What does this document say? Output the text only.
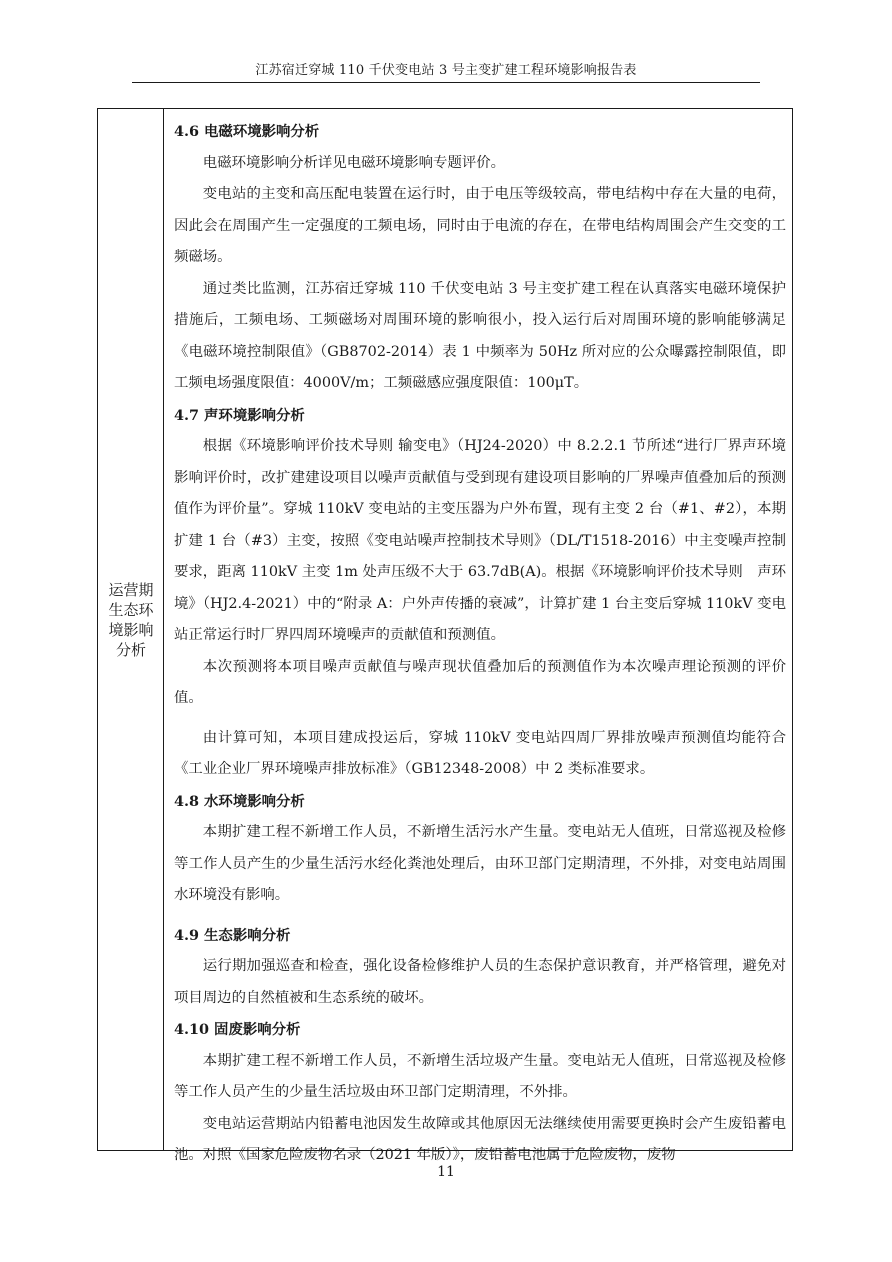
江苏宿迁穿城 110 千伏变电站 3 号主变扩建工程环境影响报告表
运营期
生态环
境影响
分析
4.6 电磁环境影响分析

电磁环境影响分析详见电磁环境影响专题评价。

变电站的主变和高压配电装置在运行时，由于电压等级较高，带电结构中存在大量的电荷，因此会在周围产生一定强度的工频电场，同时由于电流的存在，在带电结构周围会产生交变的工频磁场。

通过类比监测，江苏宿迁穿城 110 千伏变电站 3 号主变扩建工程在认真落实电磁环境保护措施后，工频电场、工频磁场对周围环境的影响很小，投入运行后对周围环境的影响能够满足《电磁环境控制限值》（GB8702-2014）表 1 中频率为 50Hz 所对应的公众曝露控制限值，即工频电场强度限值：4000V/m；工频磁感应强度限值：100μT。

4.7 声环境影响分析

根据《环境影响评价技术导则 输变电》（HJ24-2020）中 8.2.2.1 节所述“进行厂界声环境影响评价时，改扩建建设项目以噪声贡献值与受到现有建设项目影响的厂界噪声值叠加后的预测值作为评价量”。穿城 110kV 变电站的主变压器为户外布置，现有主变 2 台（#1、#2），本期扩建 1 台（#3）主变，按照《变电站噪声控制技术导则》（DL/T1518-2016）中主变噪声控制要求，距离 110kV 主变 1m 处声压级不大于 63.7dB(A)。根据《环境影响评价技术导则　声环境》（HJ2.4-2021）中的“附录 A：户外声传播的衰减”，计算扩建 1 台主变后穿城 110kV 变电站正常运行时厂界四周环境噪声的贡献值和预测值。

本次预测将本项目噪声贡献值与噪声现状值叠加后的预测值作为本次噪声理论预测的评价值。

由计算可知，本项目建成投运后，穿城 110kV 变电站四周厂界排放噪声预测值均能符合《工业企业厂界环境噪声排放标准》（GB12348-2008）中 2 类标准要求。

4.8 水环境影响分析

本期扩建工程不新增工作人员，不新增生活污水产生量。变电站无人值班，日常巡视及检修等工作人员产生的少量生活污水经化粪池处理后，由环卫部门定期清理，不外排，对变电站周围水环境没有影响。

4.9 生态影响分析

运行期加强巡查和检查，强化设备检修维护人员的生态保护意识教育，并严格管理，避免对项目周边的自然植被和生态系统的破坏。

4.10 固废影响分析

本期扩建工程不新增工作人员，不新增生活垃圾产生量。变电站无人值班，日常巡视及检修等工作人员产生的少量生活垃圾由环卫部门定期清理，不外排。

变电站运营期站内铅蓄电池因发生故障或其他原因无法继续使用需要更换时会产生废铅蓄电池。对照《国家危险废物名录（2021 年版）》，废铅蓄电池属于危险废物，废物

11
